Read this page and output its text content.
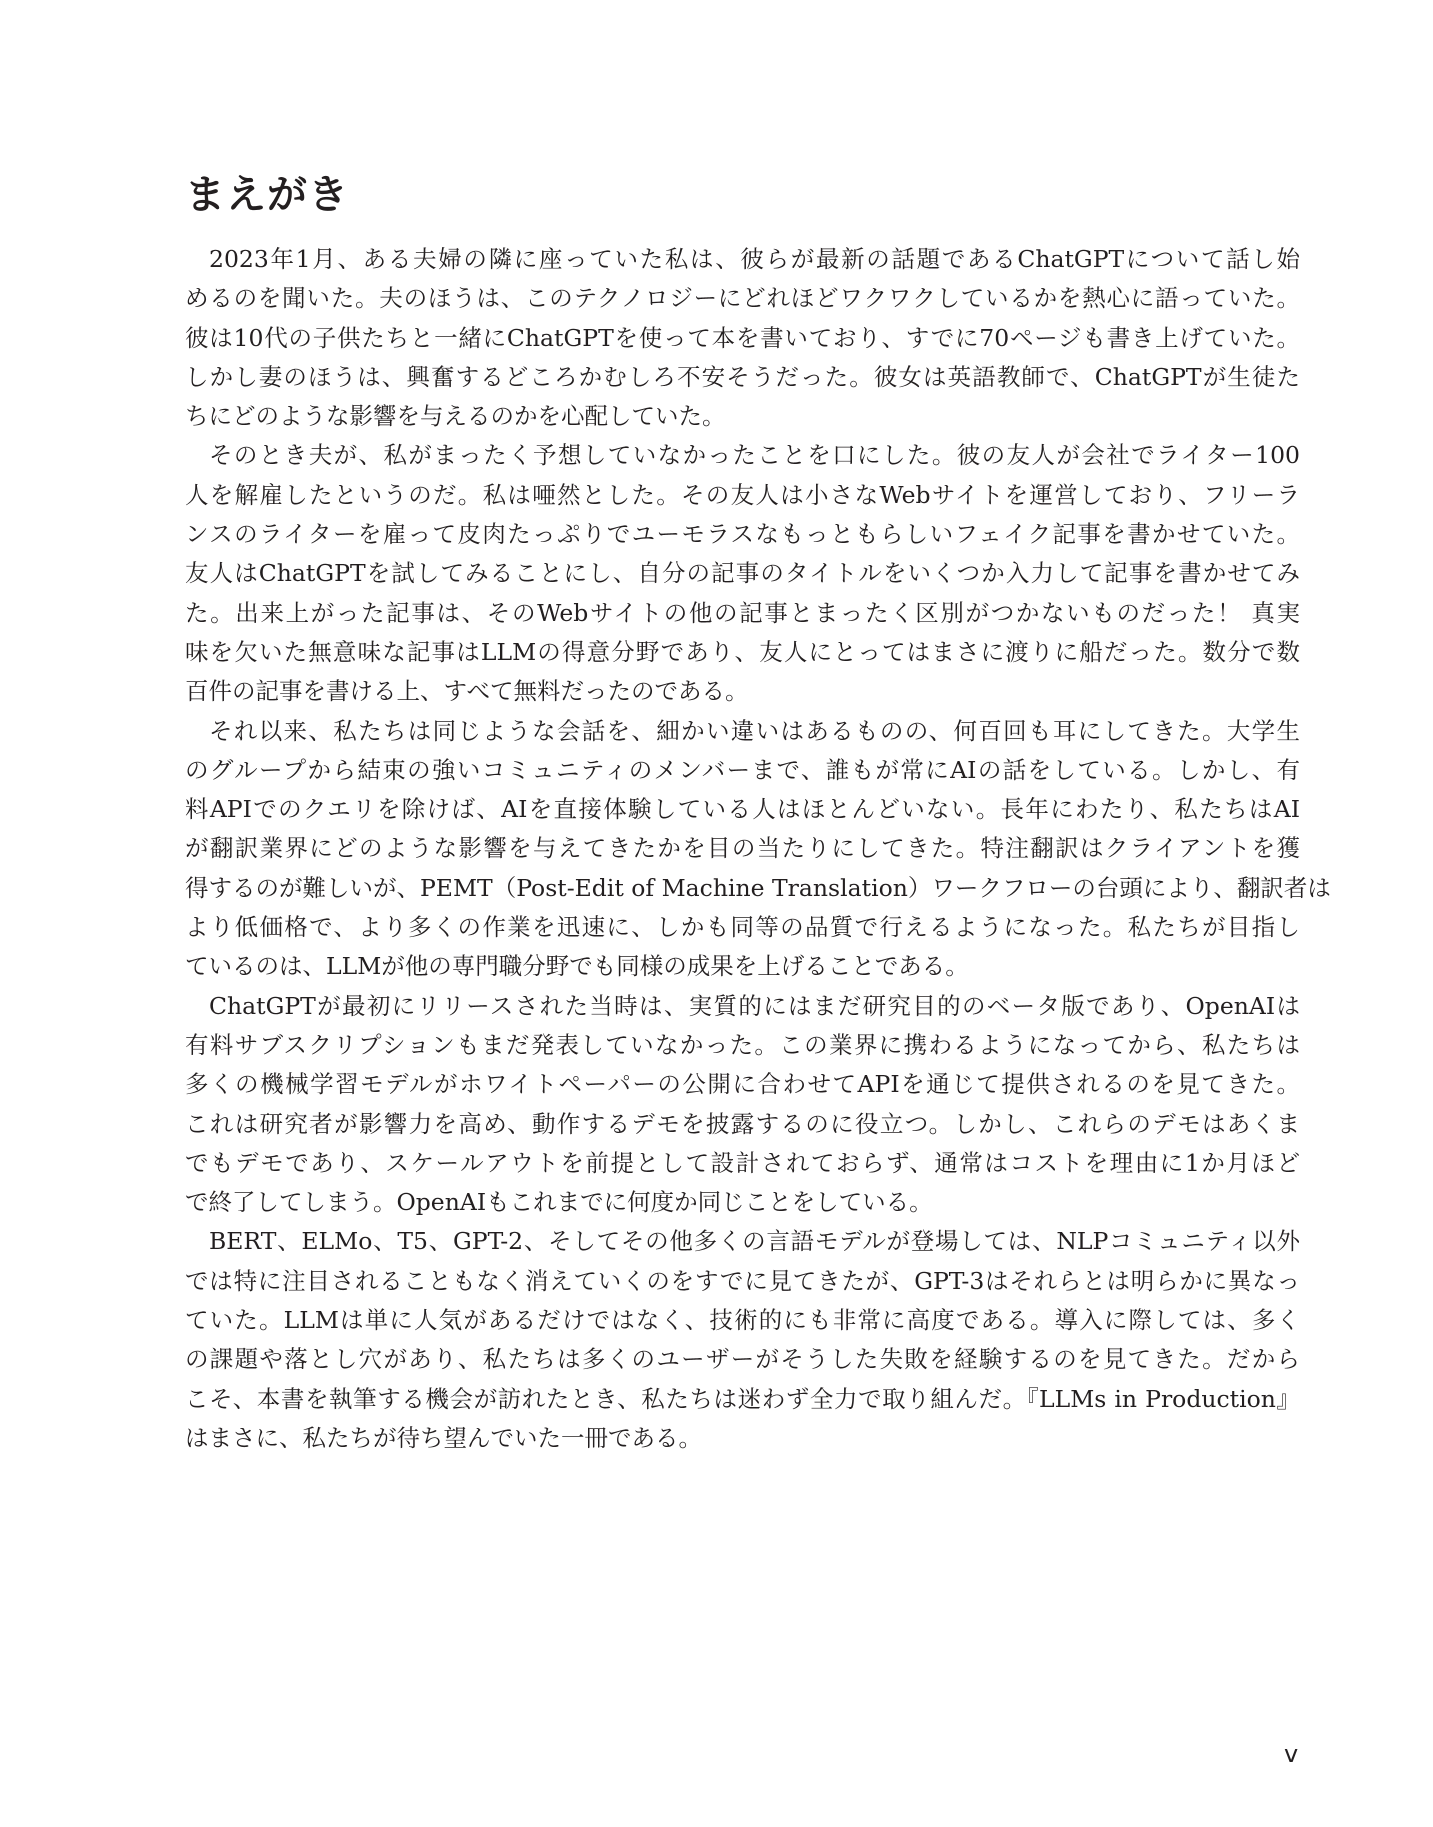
まえがき
2023年1月、ある夫婦の隣に座っていた私は、彼らが最新の話題であるChatGPTについて話し始
めるのを聞いた。夫のほうは、このテクノロジーにどれほどワクワクしているかを熱心に語っていた。
彼は10代の子供たちと一緒にChatGPTを使って本を書いており、すでに70ページも書き上げていた。
しかし妻のほうは、興奮するどころかむしろ不安そうだった。彼女は英語教師で、ChatGPTが生徒た
ちにどのような影響を与えるのかを心配していた。
そのとき夫が、私がまったく予想していなかったことを口にした。彼の友人が会社でライター100
人を解雇したというのだ。私は唖然とした。その友人は小さなWebサイトを運営しており、フリーラ
ンスのライターを雇って皮肉たっぷりでユーモラスなもっともらしいフェイク記事を書かせていた。
友人はChatGPTを試してみることにし、自分の記事のタイトルをいくつか入力して記事を書かせてみ
た。出来上がった記事は、そのWebサイトの他の記事とまったく区別がつかないものだった！ 真実
味を欠いた無意味な記事はLLMの得意分野であり、友人にとってはまさに渡りに船だった。数分で数
百件の記事を書ける上、すべて無料だったのである。
それ以来、私たちは同じような会話を、細かい違いはあるものの、何百回も耳にしてきた。大学生
のグループから結束の強いコミュニティのメンバーまで、誰もが常にAIの話をしている。しかし、有
料APIでのクエリを除けば、AIを直接体験している人はほとんどいない。長年にわたり、私たちはAI
が翻訳業界にどのような影響を与えてきたかを目の当たりにしてきた。特注翻訳はクライアントを獲
得するのが難しいが、PEMT（Post-Edit of Machine Translation）ワークフローの台頭により、翻訳者は
より低価格で、より多くの作業を迅速に、しかも同等の品質で行えるようになった。私たちが目指し
ているのは、LLMが他の専門職分野でも同様の成果を上げることである。
ChatGPTが最初にリリースされた当時は、実質的にはまだ研究目的のベータ版であり、OpenAIは
有料サブスクリプションもまだ発表していなかった。この業界に携わるようになってから、私たちは
多くの機械学習モデルがホワイトペーパーの公開に合わせてAPIを通じて提供されるのを見てきた。
これは研究者が影響力を高め、動作するデモを披露するのに役立つ。しかし、これらのデモはあくま
でもデモであり、スケールアウトを前提として設計されておらず、通常はコストを理由に1か月ほど
で終了してしまう。OpenAIもこれまでに何度か同じことをしている。
BERT、ELMo、T5、GPT-2、そしてその他多くの言語モデルが登場しては、NLPコミュニティ以外
では特に注目されることもなく消えていくのをすでに見てきたが、GPT-3はそれらとは明らかに異なっ
ていた。LLMは単に人気があるだけではなく、技術的にも非常に高度である。導入に際しては、多く
の課題や落とし穴があり、私たちは多くのユーザーがそうした失敗を経験するのを見てきた。だから
こそ、本書を執筆する機会が訪れたとき、私たちは迷わず全力で取り組んだ。『LLMs in Production』
はまさに、私たちが待ち望んでいた一冊である。
v
